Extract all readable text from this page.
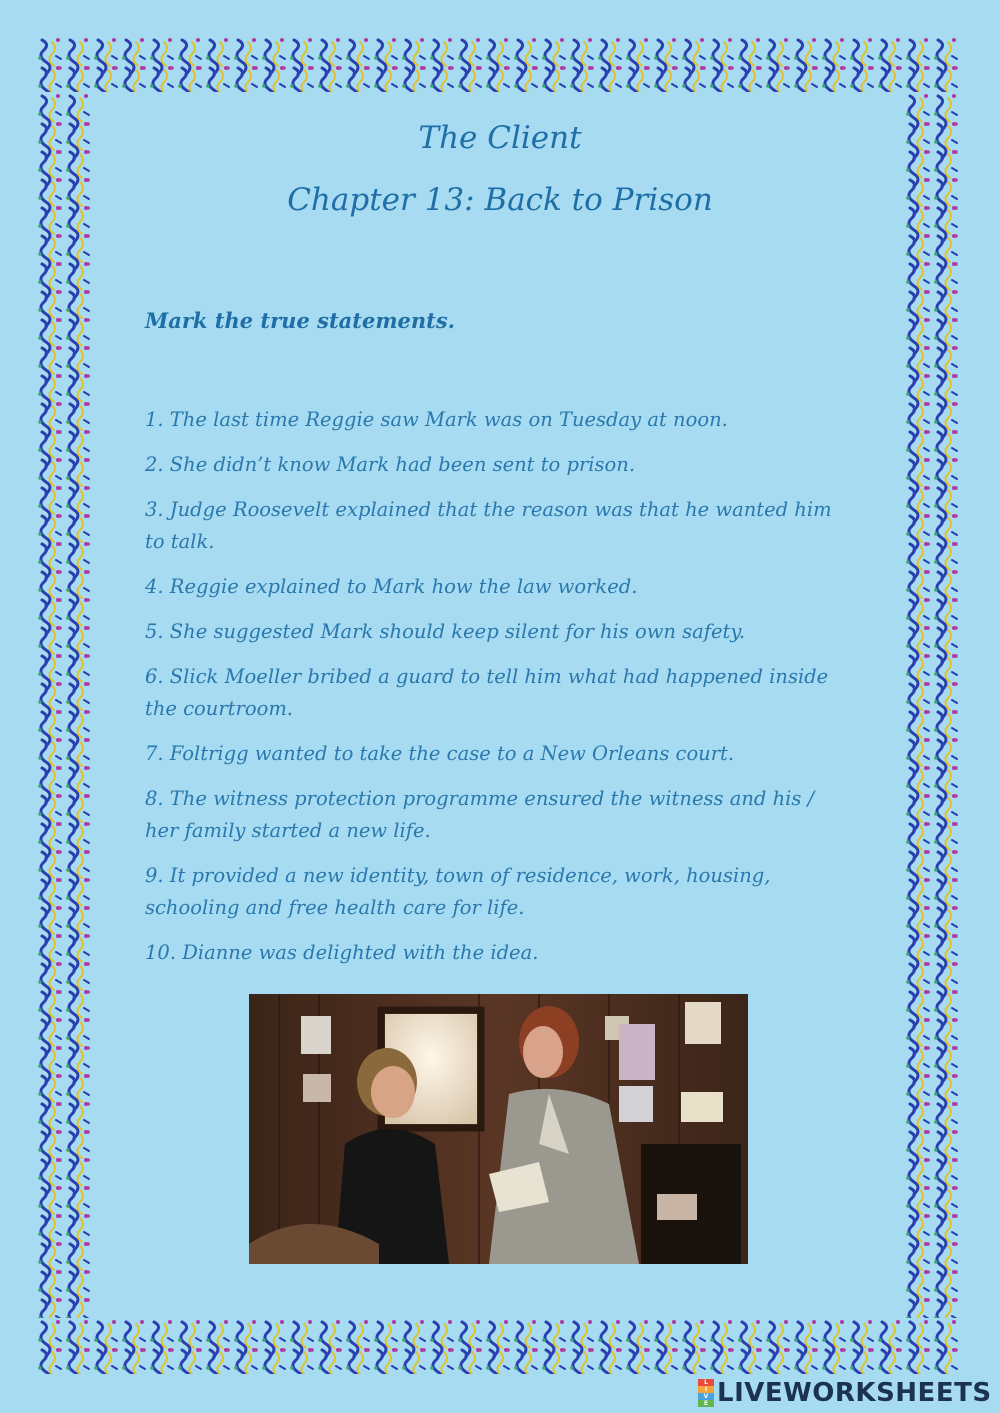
The Client
Chapter 13: Back to Prison
Mark the true statements.
1. The last time Reggie saw Mark was on Tuesday at noon.
2. She didn’t know Mark had been sent to prison.
3. Judge Roosevelt explained that the reason was that he wanted him to talk.
4. Reggie explained to Mark how the law worked.
5. She suggested Mark should keep silent for his own safety.
6. Slick Moeller bribed a guard to tell him what had happened inside the courtroom.
7. Foltrigg wanted to take the case to a New Orleans court.
8. The witness protection programme ensured the witness and his / her family started a new life.
9. It provided a new identity, town of residence, work, housing, schooling and free health care for life.
10. Dianne was delighted with the idea.
L
I
V
E LIVEWORKSHEETS
